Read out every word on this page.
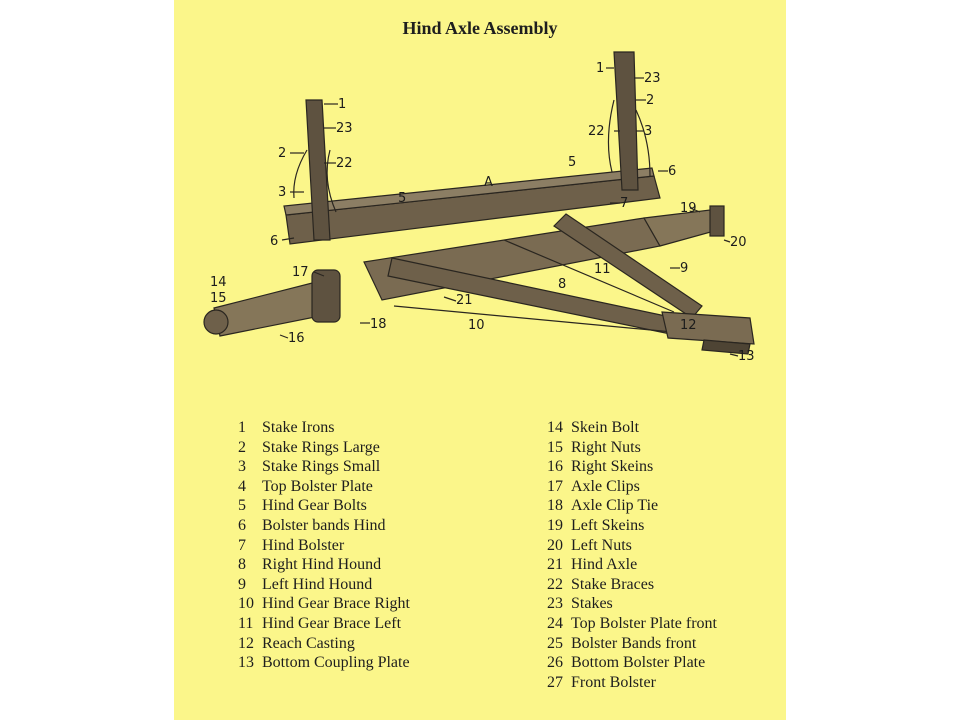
Hind Axle Assembly
1
23
2
22
3
6
5
A
5
1
23
2
22	3
6
7	19
20
9
11
8
17
21
14
15
18	10
16
12
13
1 Stake Irons
2 Stake Rings Large
3 Stake Rings Small
4 Top Bolster Plate
5 Hind Gear Bolts
6 Bolster bands Hind
7 Hind Bolster
8 Right Hind Hound
9 Left Hind Hound
10 Hind Gear Brace Right
11 Hind Gear Brace Left
12 Reach Casting
13 Bottom Coupling Plate
14 Skein Bolt
15 Right Nuts
16 Right Skeins
17 Axle Clips
18 Axle Clip Tie
19 Left Skeins
20 Left Nuts
21 Hind Axle
22 Stake Braces
23 Stakes
24 Top Bolster Plate front
25 Bolster Bands front
26 Bottom Bolster Plate
27 Front Bolster
